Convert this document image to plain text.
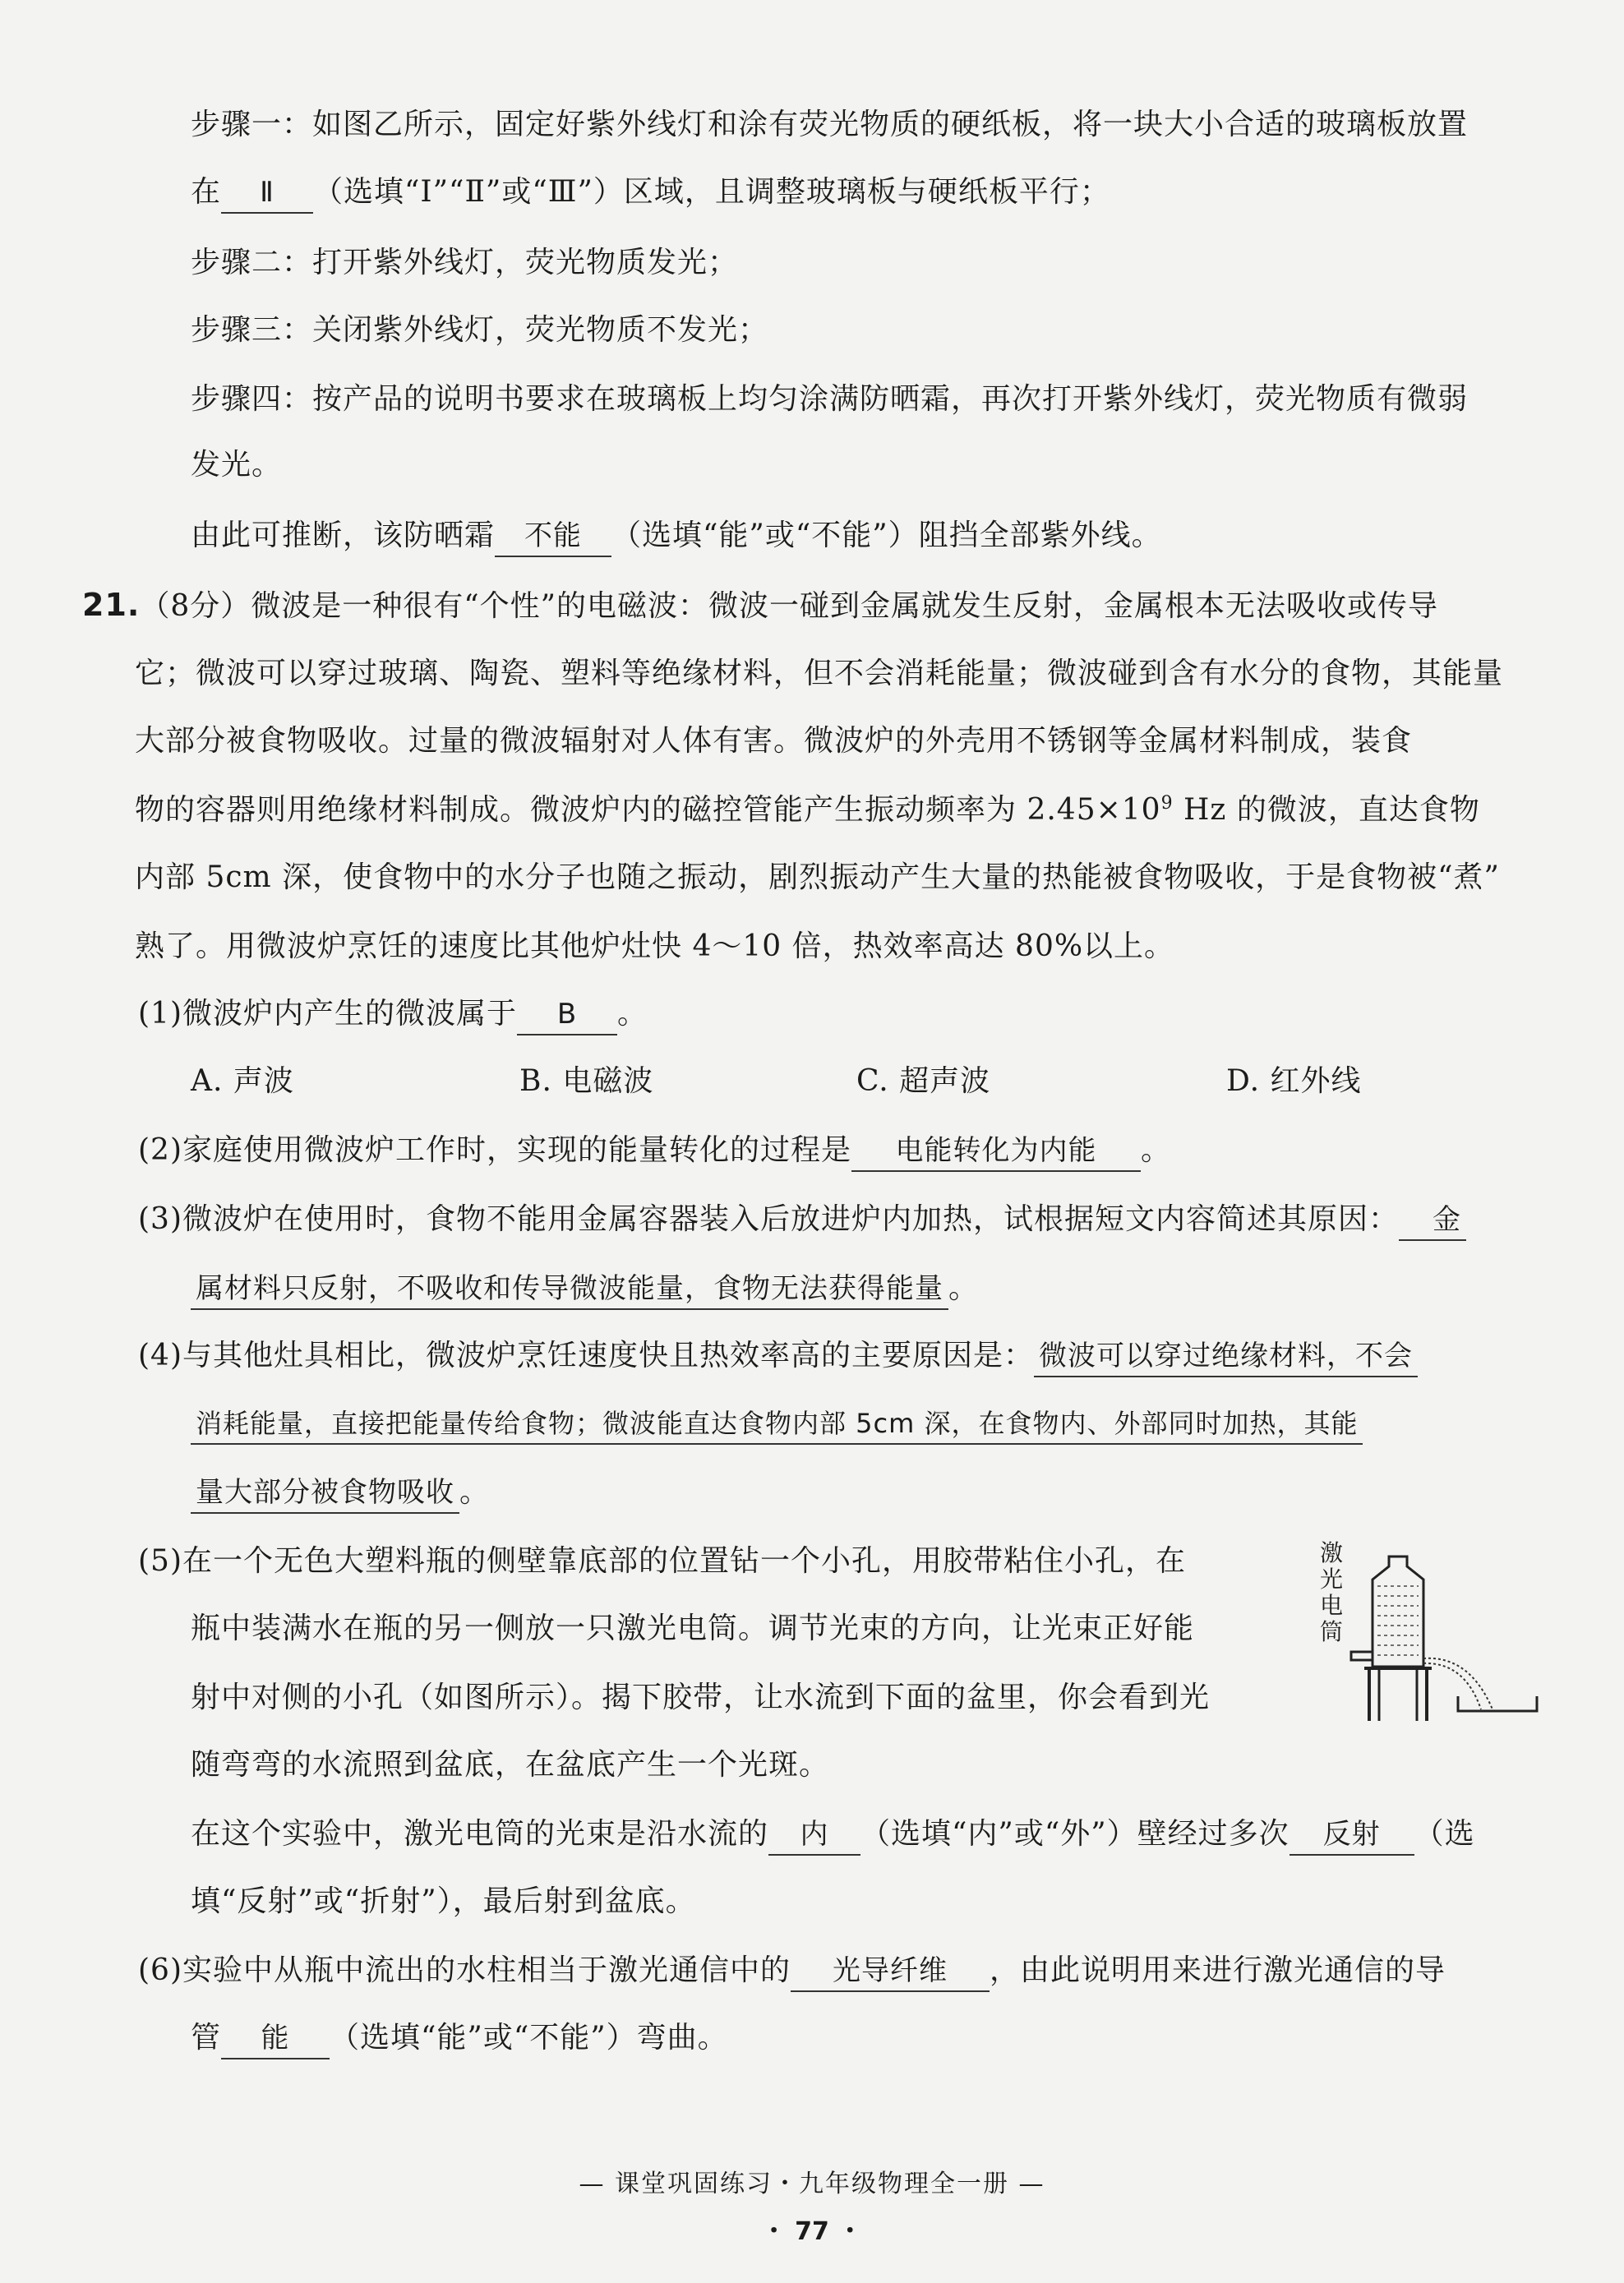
步骤一：如图乙所示，固定好紫外线灯和涂有荧光物质的硬纸板，将一块大小合适的玻璃板放置
在 Ⅱ （选填“Ⅰ”“Ⅱ”或“Ⅲ”）区域，且调整玻璃板与硬纸板平行；
步骤二：打开紫外线灯，荧光物质发光；
步骤三：关闭紫外线灯，荧光物质不发光；
步骤四：按产品的说明书要求在玻璃板上均匀涂满防晒霜，再次打开紫外线灯，荧光物质有微弱
发光。
由此可推断，该防晒霜 不能 （选填“能”或“不能”）阻挡全部紫外线。
21.（8分）微波是一种很有“个性”的电磁波：微波一碰到金属就发生反射，金属根本无法吸收或传导
它；微波可以穿过玻璃、陶瓷、塑料等绝缘材料，但不会消耗能量；微波碰到含有水分的食物，其能量
大部分被食物吸收。过量的微波辐射对人体有害。微波炉的外壳用不锈钢等金属材料制成，装食
物的容器则用绝缘材料制成。微波炉内的磁控管能产生振动频率为 $2.45\times 10^9$ Hz 的微波，直达食物
内部 5cm 深，使食物中的水分子也随之振动，剧烈振动产生大量的热能被食物吸收，于是食物被“煮”
熟了。用微波炉烹饪的速度比其他炉灶快 4～10 倍，热效率高达 80%以上。
(1)微波炉内产生的微波属于 B 。
A. 声波	B. 电磁波	C. 超声波	D. 红外线
(2)家庭使用微波炉工作时，实现的能量转化的过程是 电能转化为内能 。
(3)微波炉在使用时，食物不能用金属容器装入后放进炉内加热，试根据短文内容简述其原因： 金
属材料只反射，不吸收和传导微波能量，食物无法获得能量 。
(4)与其他灶具相比，微波炉烹饪速度快且热效率高的主要原因是： 微波可以穿过绝缘材料，不会
消耗能量，直接把能量传给食物；微波能直达食物内部 5cm 深，在食物内、外部同时加热，其能
量大部分被食物吸收 。
(5)在一个无色大塑料瓶的侧壁靠底部的位置钻一个小孔，用胶带粘住小孔，在
瓶中装满水在瓶的另一侧放一只激光电筒。调节光束的方向，让光束正好能
射中对侧的小孔（如图所示）。揭下胶带，让水流到下面的盆里，你会看到光
随弯弯的水流照到盆底，在盆底产生一个光斑。
在这个实验中，激光电筒的光束是沿水流的 内 （选填“内”或“外”）壁经过多次 反射 （选
填“反射”或“折射”），最后射到盆底。
激
光
电
筒
(6)实验中从瓶中流出的水柱相当于激光通信中的 光导纤维 ，由此说明用来进行激光通信的导
管 能 （选填“能”或“不能”）弯曲。
— 课堂巩固练习・九年级物理全一册 —
・ 77 ・
